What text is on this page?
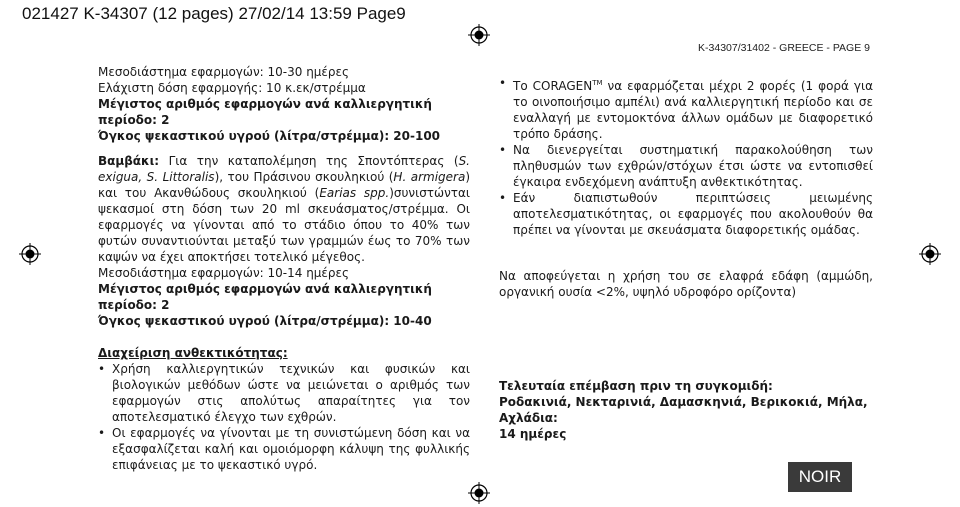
021427 K-34307 (12 pages) 27/02/14 13:59 Page9
K-34307/31402 - GREECE - PAGE 9

Μεσοδιάστημα εφαρμογών: 10-30 ημέρες

Ελάχιστη δόση εφαρμογής: 10 κ.εκ/στρέμμα

Μέγιστος αριθμός εφαρμογών ανά καλλιεργητική περίοδο: 2

Όγκος ψεκαστικού υγρού (λίτρα/στρέμμα): 20-100

Βαμβάκι: Για την καταπολέμηση της Σποντόπτερας (S. exigua, S. Littoralis), του Πράσινου σκουληκιού (H. armigera) και του Ακανθώδους σκουληκιού (Earias spp.)συνιστώνται ψεκασμοί στη δόση των 20 ml σκευάσματος/στρέμμα. Οι εφαρμογές να γίνονται από το στάδιο όπου το 40% των φυτών συναντιούνται μεταξύ των γραμμών έως το 70% των καψών να έχει αποκτήσει τοτελικό μέγεθος.

Μεσοδιάστημα εφαρμογών: 10-14 ημέρες

Μέγιστος αριθμός εφαρμογών ανά καλλιεργητική περίοδο: 2

Όγκος ψεκαστικού υγρού (λίτρα/στρέμμα): 10-40

Διαχείριση ανθεκτικότητας:

• Χρήση καλλιεργητικών τεχνικών και φυσικών και βιολογικών μεθόδων ώστε να μειώνεται ο αριθμός των εφαρμογών στις απολύτως απαραίτητες για τον αποτελεσματικό έλεγχο των εχθρών.
• Οι εφαρμογές να γίνονται με τη συνιστώμενη δόση και να εξασφαλίζεται καλή και ομοιόμορφη κάλυψη της φυλλικής επιφάνειας με το ψεκαστικό υγρό.
• Το CORAGEN™ να εφαρμόζεται μέχρι 2 φορές (1 φορά για το οινοποιήσιμο αμπέλι) ανά καλλιεργητική περίοδο και σε εναλλαγή με εντομοκτόνα άλλων ομάδων με διαφορετικό τρόπο δράσης.
• Να διενεργείται συστηματική παρακολούθηση των πληθυσμών των εχθρών/στόχων έτσι ώστε να εντοπισθεί έγκαιρα ενδεχόμενη ανάπτυξη ανθεκτικότητας.
• Εάν διαπιστωθούν περιπτώσεις μειωμένης αποτελεσματικότητας, οι εφαρμογές που ακολουθούν θα πρέπει να γίνονται με σκευάσματα διαφορετικής ομάδας.

Να αποφεύγεται η χρήση του σε ελαφρά εδάφη (αμμώδη, οργανική ουσία <2%, υψηλό υδροφόρο ορίζοντα)

Τελευταία επέμβαση πριν τη συγκομιδή:

Ροδακινιά, Νεκταρινιά, Δαμασκηνιά, Βερικοκιά, Μήλα, Αχλάδια:

14 ημέρες

NOIR
